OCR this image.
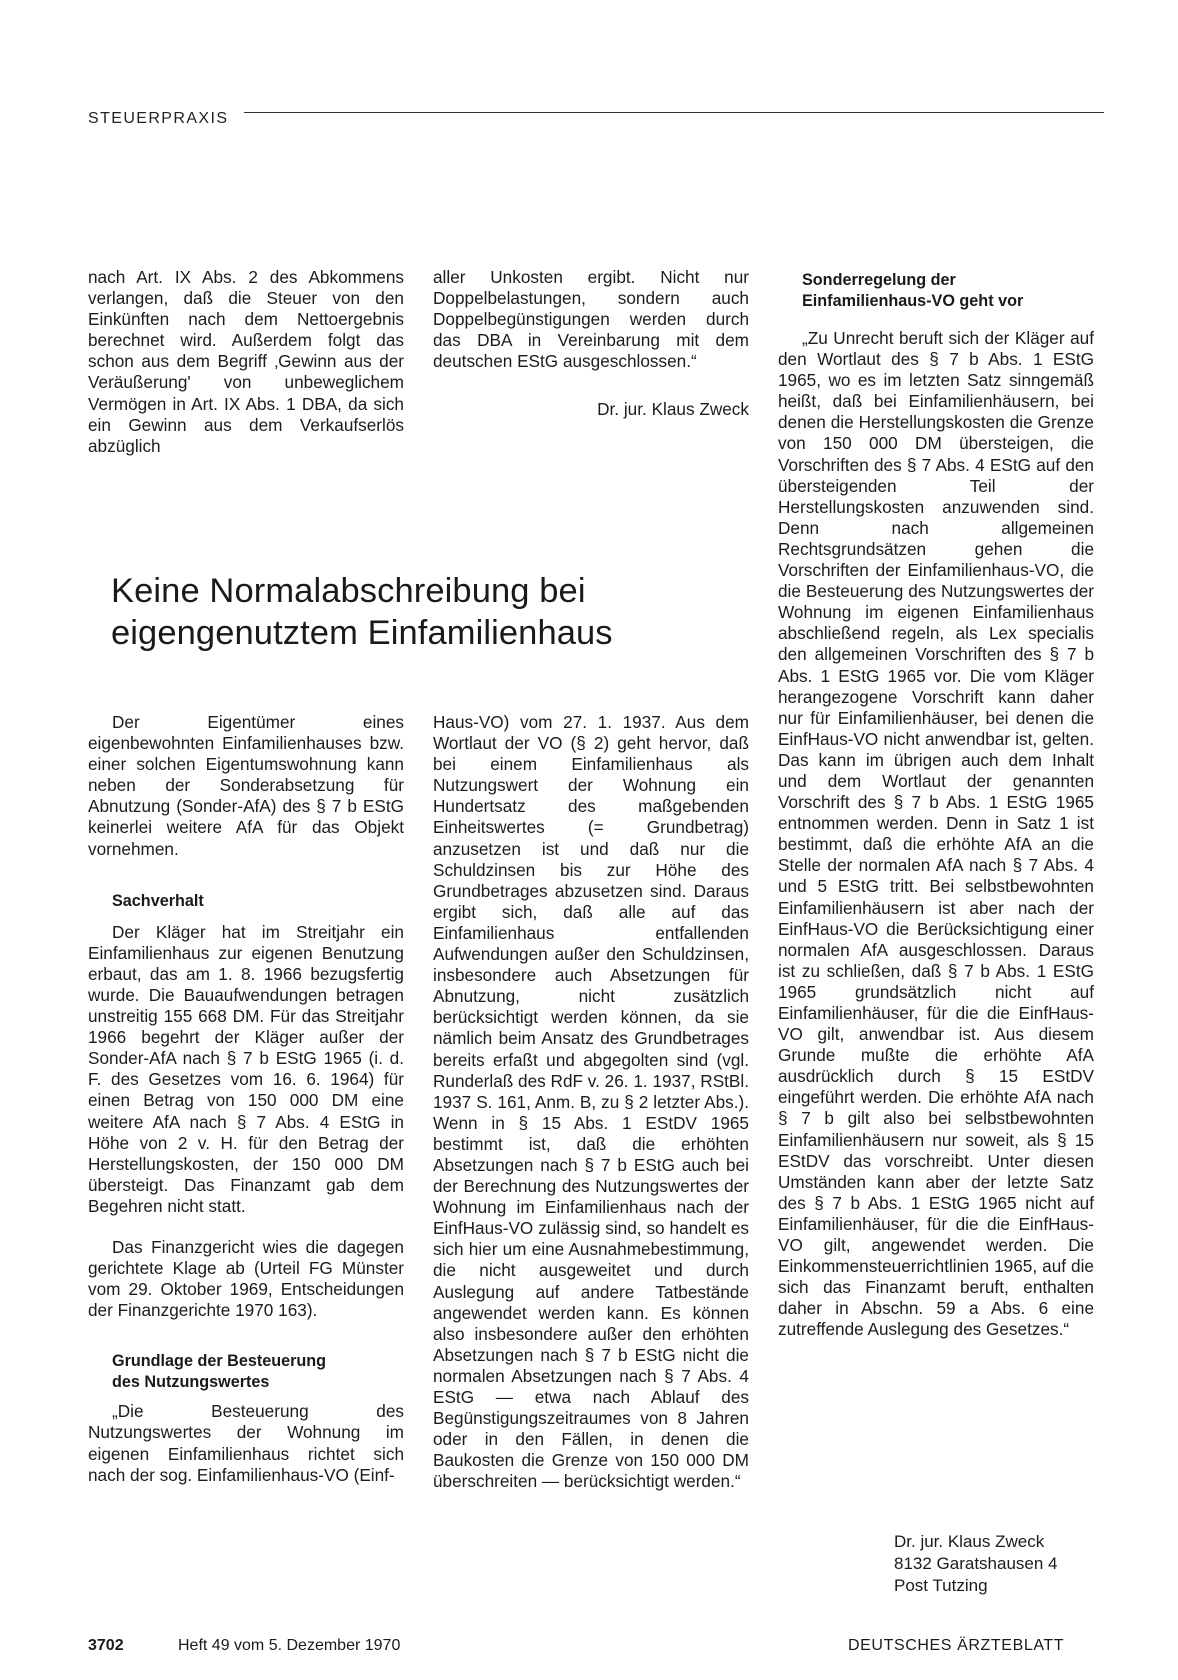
STEUERPRAXIS

nach Art. IX Abs. 2 des Abkommens verlangen, daß die Steuer von den Einkünften nach dem Nettoergebnis berechnet wird. Außerdem folgt das schon aus dem Begriff ‚Gewinn aus der Veräußerung' von unbeweglichem Vermögen in Art. IX Abs. 1 DBA, da sich ein Gewinn aus dem Verkaufserlös abzüglich

aller Unkosten ergibt. Nicht nur Doppelbelastungen, sondern auch Doppelbegünstigungen werden durch das DBA in Vereinbarung mit dem deutschen EStG ausgeschlossen.“

Dr. jur. Klaus Zweck

Keine Normalabschreibung bei
eigengenutztem Einfamilienhaus

Der Eigentümer eines eigenbewohnten Einfamilienhauses bzw. einer solchen Eigentumswohnung kann neben der Sonderabsetzung für Abnutzung (Sonder-AfA) des § 7 b EStG keinerlei weitere AfA für das Objekt vornehmen.

Sachverhalt

Der Kläger hat im Streitjahr ein Einfamilienhaus zur eigenen Benutzung erbaut, das am 1. 8. 1966 bezugsfertig wurde. Die Bauaufwendungen betragen unstreitig 155 668 DM. Für das Streitjahr 1966 begehrt der Kläger außer der Sonder-AfA nach § 7 b EStG 1965 (i. d. F. des Gesetzes vom 16. 6. 1964) für einen Betrag von 150 000 DM eine weitere AfA nach § 7 Abs. 4 EStG in Höhe von 2 v. H. für den Betrag der Herstellungskosten, der 150 000 DM übersteigt. Das Finanzamt gab dem Begehren nicht statt.

Das Finanzgericht wies die dagegen gerichtete Klage ab (Urteil FG Münster vom 29. Oktober 1969, Entscheidungen der Finanzgerichte 1970 163).

Grundlage der Besteuerung

des Nutzungswertes

„Die Besteuerung des Nutzungswertes der Wohnung im eigenen Einfamilienhaus richtet sich nach der sog. Einfamilienhaus-VO (Einf-

Haus-VO) vom 27. 1. 1937. Aus dem Wortlaut der VO (§ 2) geht hervor, daß bei einem Einfamilienhaus als Nutzungswert der Wohnung ein Hundertsatz des maßgebenden Einheitswertes (= Grundbetrag) anzusetzen ist und daß nur die Schuldzinsen bis zur Höhe des Grundbetrages abzusetzen sind. Daraus ergibt sich, daß alle auf das Einfamilienhaus entfallenden Aufwendungen außer den Schuldzinsen, insbesondere auch Absetzungen für Abnutzung, nicht zusätzlich berücksichtigt werden können, da sie nämlich beim Ansatz des Grundbetrages bereits erfaßt und abgegolten sind (vgl. Runderlaß des RdF v. 26. 1. 1937, RStBl. 1937 S. 161, Anm. B, zu § 2 letzter Abs.). Wenn in § 15 Abs. 1 EStDV 1965 bestimmt ist, daß die erhöhten Absetzungen nach § 7 b EStG auch bei der Berechnung des Nutzungswertes der Wohnung im Einfamilienhaus nach der EinfHaus-VO zulässig sind, so handelt es sich hier um eine Ausnahmebestimmung, die nicht ausgeweitet und durch Auslegung auf andere Tatbestände angewendet werden kann. Es können also insbesondere außer den erhöhten Absetzungen nach § 7 b EStG nicht die normalen Absetzungen nach § 7 Abs. 4 EStG — etwa nach Ablauf des Begünstigungszeitraumes von 8 Jahren oder in den Fällen, in denen die Baukosten die Grenze von 150 000 DM überschreiten — berücksichtigt werden.“

Sonderregelung der

Einfamilienhaus-VO geht vor

„Zu Unrecht beruft sich der Kläger auf den Wortlaut des § 7 b Abs. 1 EStG 1965, wo es im letzten Satz sinngemäß heißt, daß bei Einfamilienhäusern, bei denen die Herstellungskosten die Grenze von 150 000 DM übersteigen, die Vorschriften des § 7 Abs. 4 EStG auf den übersteigenden Teil der Herstellungskosten anzuwenden sind. Denn nach allgemeinen Rechtsgrundsätzen gehen die Vorschriften der Einfamilienhaus-VO, die die Besteuerung des Nutzungswertes der Wohnung im eigenen Einfamilienhaus abschließend regeln, als Lex specialis den allgemeinen Vorschriften des § 7 b Abs. 1 EStG 1965 vor. Die vom Kläger herangezogene Vorschrift kann daher nur für Einfamilienhäuser, bei denen die EinfHaus-VO nicht anwendbar ist, gelten. Das kann im übrigen auch dem Inhalt und dem Wortlaut der genannten Vorschrift des § 7 b Abs. 1 EStG 1965 entnommen werden. Denn in Satz 1 ist bestimmt, daß die erhöhte AfA an die Stelle der normalen AfA nach § 7 Abs. 4 und 5 EStG tritt. Bei selbstbewohnten Einfamilienhäusern ist aber nach der EinfHaus-VO die Berücksichtigung einer normalen AfA ausgeschlossen. Daraus ist zu schließen, daß § 7 b Abs. 1 EStG 1965 grundsätzlich nicht auf Einfamilienhäuser, für die die EinfHaus-VO gilt, anwendbar ist. Aus diesem Grunde mußte die erhöhte AfA ausdrücklich durch § 15 EStDV eingeführt werden. Die erhöhte AfA nach § 7 b gilt also bei selbstbewohnten Einfamilienhäusern nur soweit, als § 15 EStDV das vorschreibt. Unter diesen Umständen kann aber der letzte Satz des § 7 b Abs. 1 EStG 1965 nicht auf Einfamilienhäuser, für die die EinfHaus-VO gilt, angewendet werden. Die Einkommensteuerrichtlinien 1965, auf die sich das Finanzamt beruft, enthalten daher in Abschn. 59 a Abs. 6 eine zutreffende Auslegung des Gesetzes.“

Dr. jur. Klaus Zweck
8132 Garatshausen 4
Post Tutzing
3702	Heft 49 vom 5. Dezember 1970	DEUTSCHES ÄRZTEBLATT
